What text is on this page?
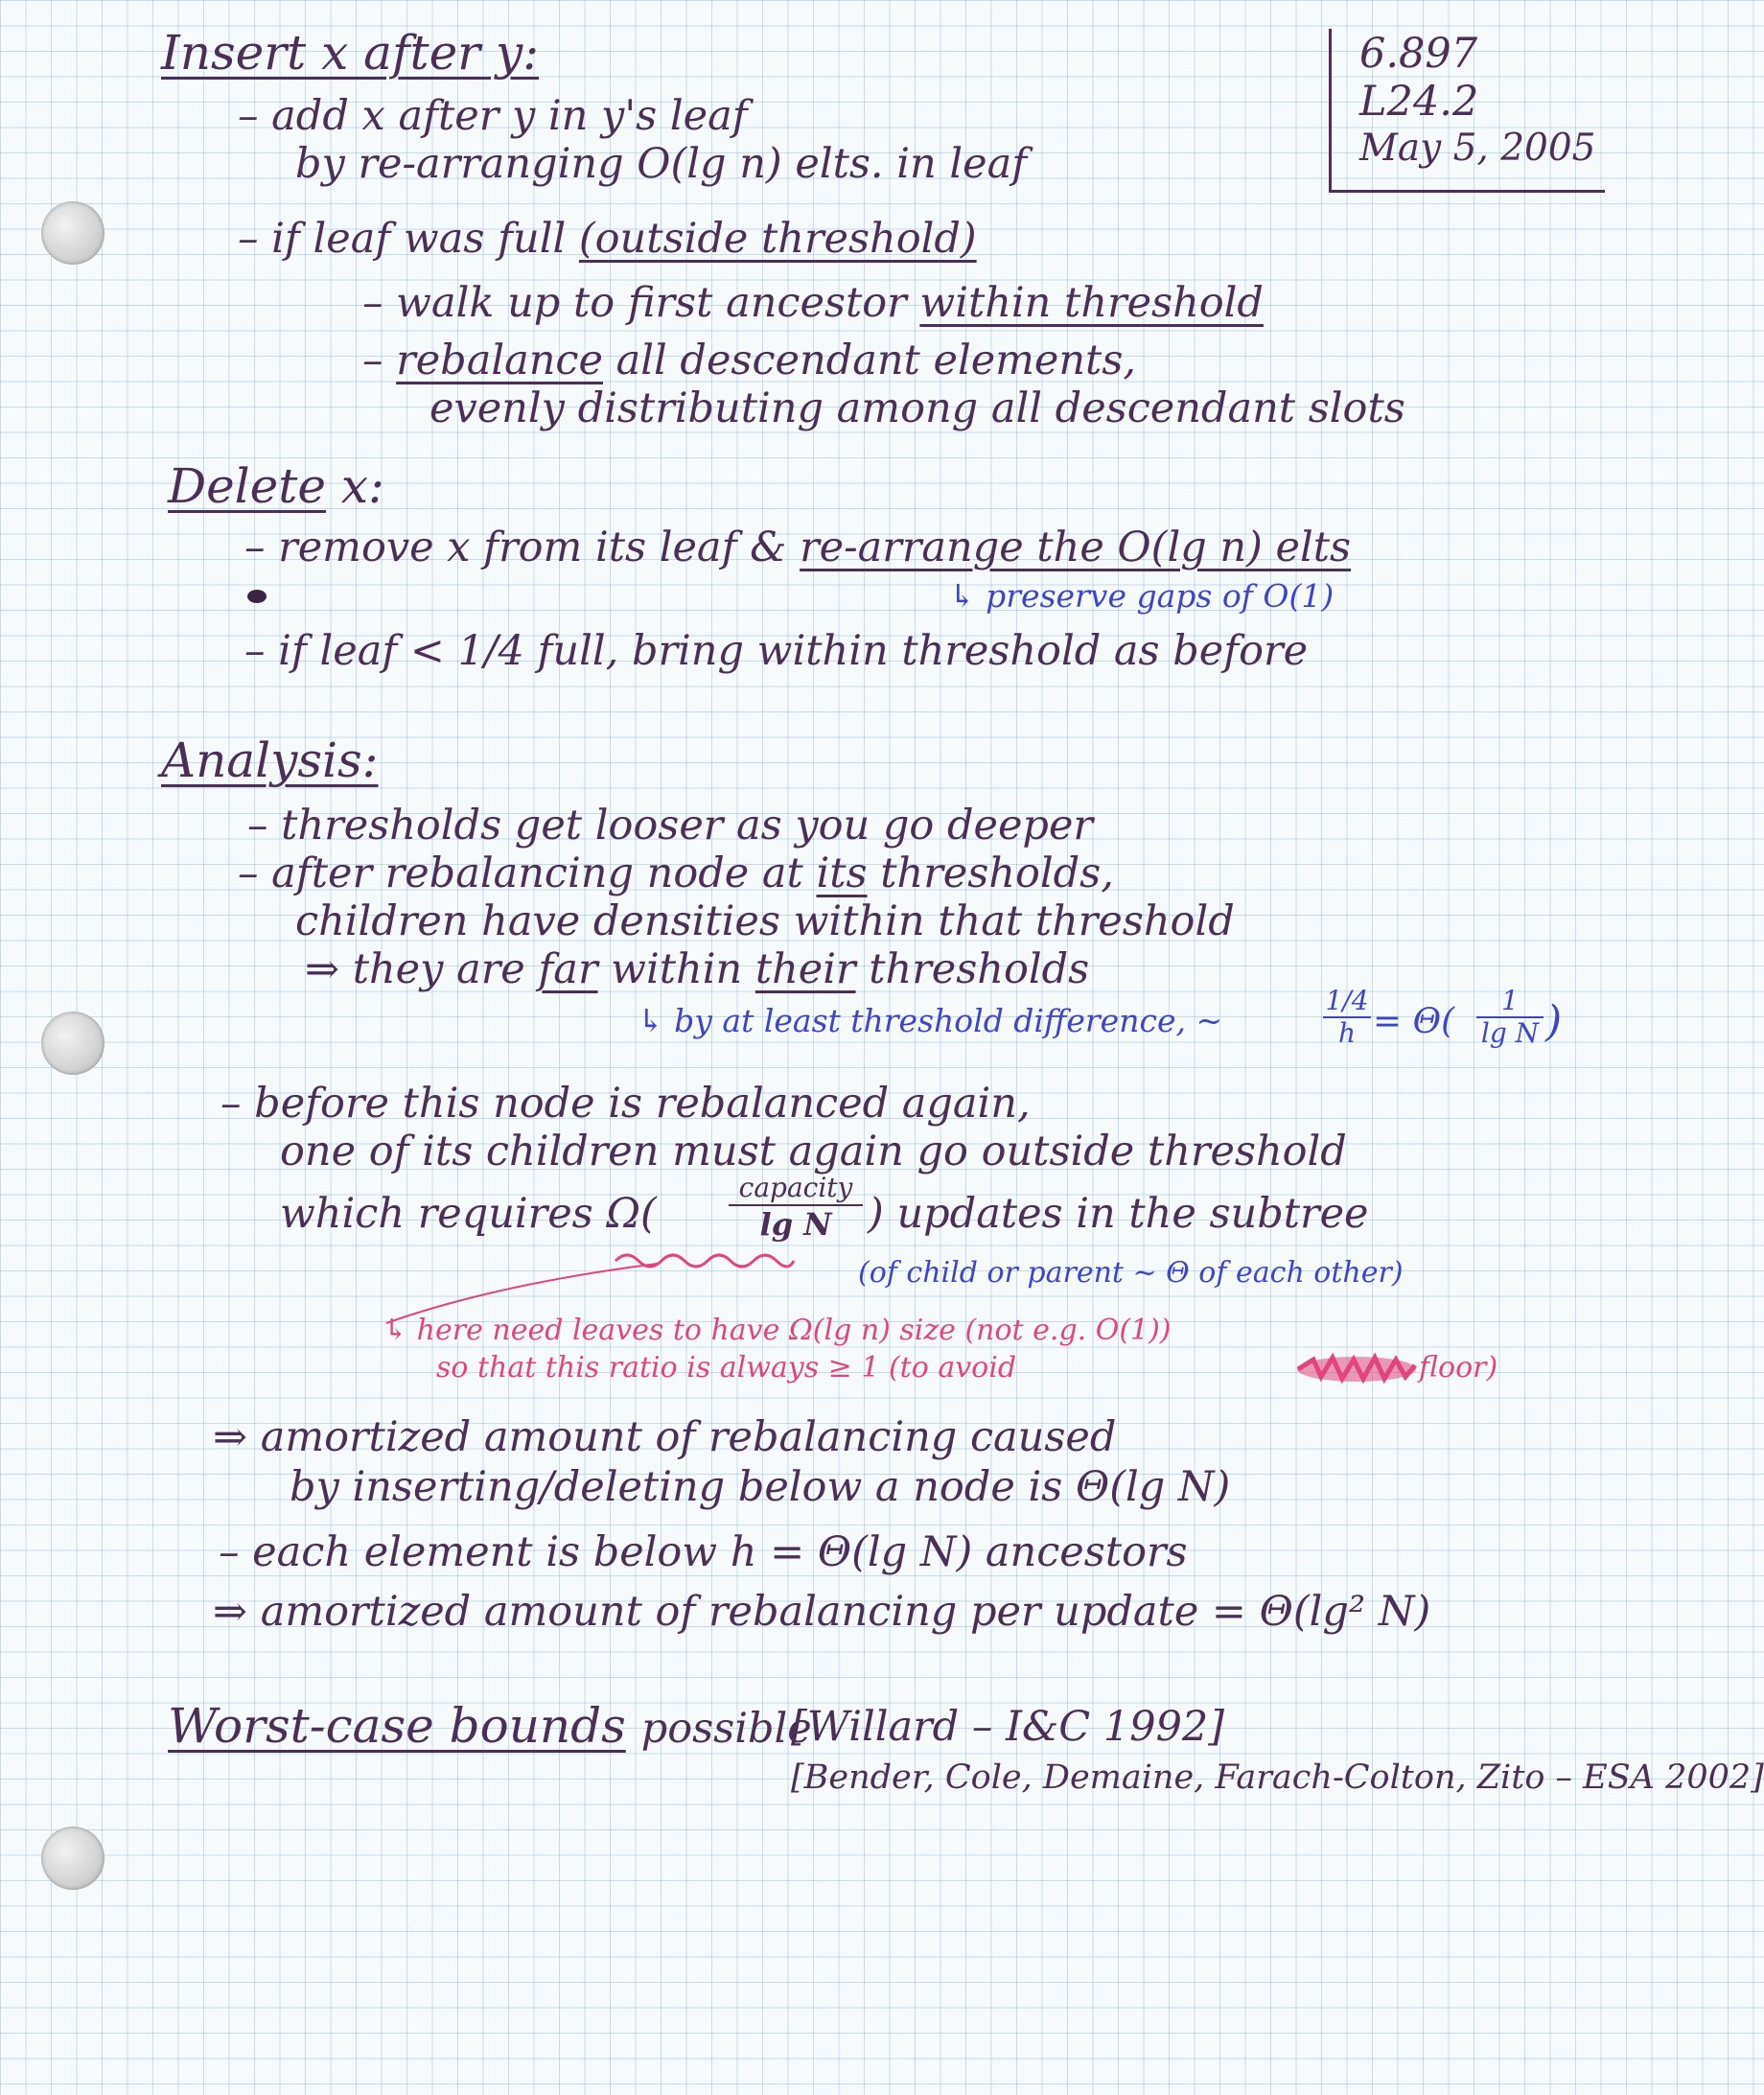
6.897
L24.2
May 5, 2005
Insert x after y:
– add x after y in y's leaf
by re-arranging O(lg n) elts. in leaf
– if leaf was full (outside threshold)
– walk up to first ancestor within threshold
– rebalance all descendant elements,
evenly distributing among all descendant slots
Delete x:
– remove x from its leaf & re-arrange the O(lg n) elts
↳ preserve gaps of O(1)
– if leaf < 1/4 full, bring within threshold as before
Analysis:
– thresholds get looser as you go deeper
– after rebalancing node at its thresholds,
children have densities within that threshold
⇒ they are far within their thresholds
↳ by at least threshold difference, ~	$\frac{1/4}{h} = \Theta( \frac{1}{\text{lg N}}$ )
– before this node is rebalanced again,
one of its children must again go outside threshold
which requires Ω(
capacity
lg N ) updates in the subtree
(of child or parent ~ Θ of each other)
↳ here need leaves to have Ω(lg n) size (not e.g. O(1))
so that this ratio is always ≥ 1 (to avoid	floor)
⇒ amortized amount of rebalancing caused
by inserting/deleting below a node is Θ(lg N)
– each element is below h = Θ(lg N) ancestors
⇒ amortized amount of rebalancing per update = Θ(lg² N)
Worst-case bounds possible
[Willard – I&C 1992]
[Bender, Cole, Demaine, Farach-Colton, Zito – ESA 2002]
